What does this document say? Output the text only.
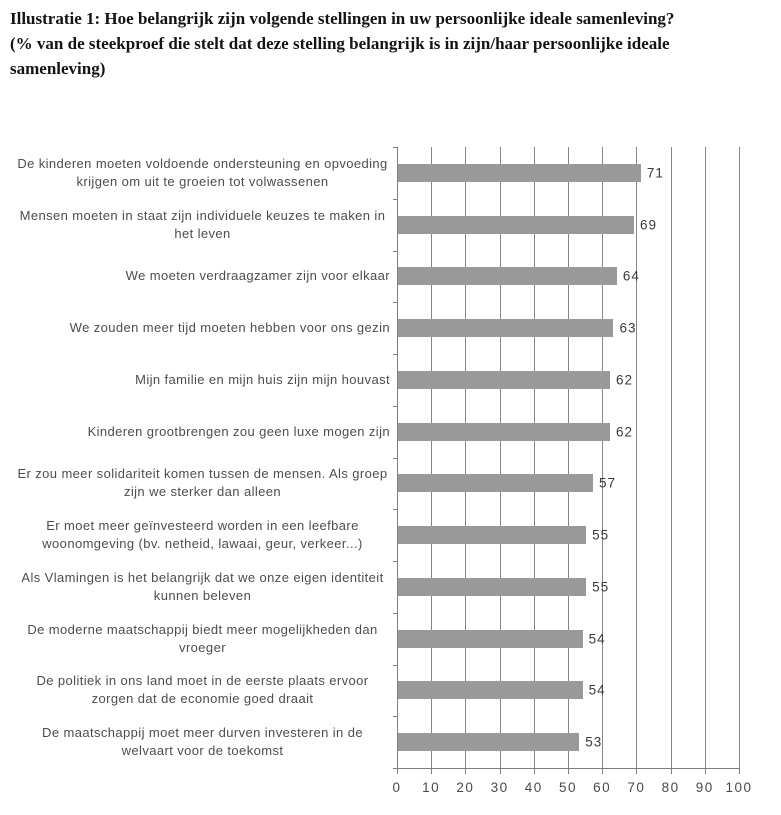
Illustratie 1: Hoe belangrijk zijn volgende stellingen in uw persoonlijke ideale samenleving?
(% van de steekproef die stelt dat deze stelling belangrijk is in zijn/haar persoonlijke ideale
samenleving)
De kinderen moeten voldoende ondersteuning en opvoeding krijgen om uit te groeien tot volwassenen
71
Mensen moeten in staat zijn individuele keuzes te maken in het leven
69
We moeten verdraagzamer zijn voor elkaar	64
We zouden meer tijd moeten hebben voor ons gezin	63
Mijn familie en mijn huis zijn mijn houvast	62
Kinderen grootbrengen zou geen luxe mogen zijn	62
Er zou meer solidariteit komen tussen de mensen. Als groep zijn we sterker dan alleen
57
Er moet meer geïnvesteerd worden in een leefbare woonomgeving (bv. netheid, lawaai, geur, verkeer...)
55
Als Vlamingen is het belangrijk dat we onze eigen identiteit kunnen beleven
55
De moderne maatschappij biedt meer mogelijkheden dan vroeger
54
De politiek in ons land moet in de eerste plaats ervoor zorgen dat de economie goed draait
54
De maatschappij moet meer durven investeren in de welvaart voor de toekomst
53
0 10 20 30 40 50 60 70 80 90 100
